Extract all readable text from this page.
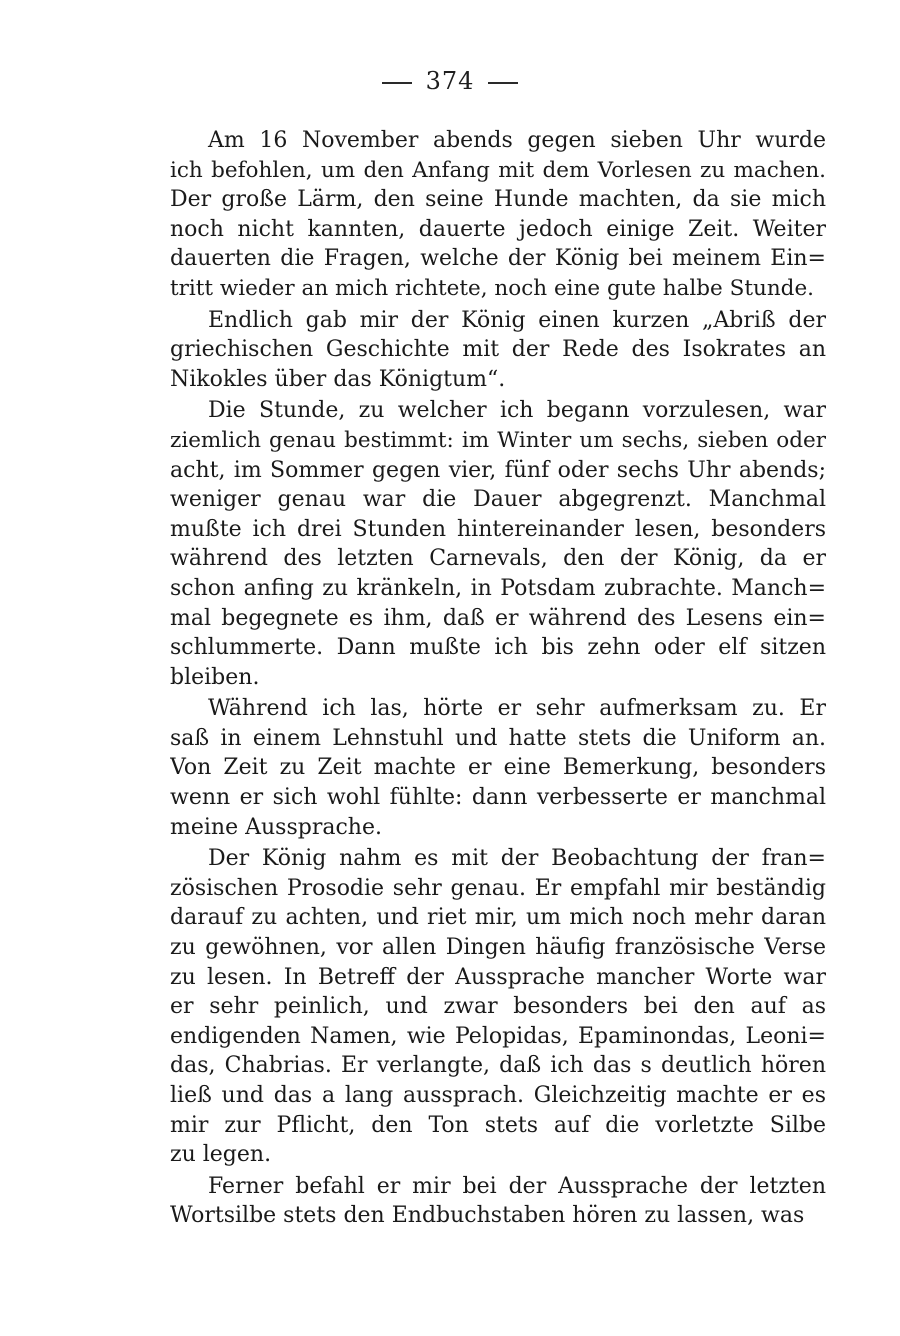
374
Am 16 November abends gegen sieben Uhr wurde
ich befohlen, um den Anfang mit dem Vorlesen zu machen.
Der große Lärm, den seine Hunde machten, da sie mich
noch nicht kannten, dauerte jedoch einige Zeit. Weiter
dauerten die Fragen, welche der König bei meinem Ein=
tritt wieder an mich richtete, noch eine gute halbe Stunde.
Endlich gab mir der König einen kurzen „Abriß der
griechischen Geschichte mit der Rede des Isokrates an
Nikokles über das Königtum“.
Die Stunde, zu welcher ich begann vorzulesen, war
ziemlich genau bestimmt: im Winter um sechs, sieben oder
acht, im Sommer gegen vier, fünf oder sechs Uhr abends;
weniger genau war die Dauer abgegrenzt. Manchmal
mußte ich drei Stunden hintereinander lesen, besonders
während des letzten Carnevals, den der König, da er
schon anfing zu kränkeln, in Potsdam zubrachte. Manch=
mal begegnete es ihm, daß er während des Lesens ein=
schlummerte. Dann mußte ich bis zehn oder elf sitzen
bleiben.
Während ich las, hörte er sehr aufmerksam zu. Er
saß in einem Lehnstuhl und hatte stets die Uniform an.
Von Zeit zu Zeit machte er eine Bemerkung, besonders
wenn er sich wohl fühlte: dann verbesserte er manchmal
meine Aussprache.
Der König nahm es mit der Beobachtung der fran=
zösischen Prosodie sehr genau. Er empfahl mir beständig
darauf zu achten, und riet mir, um mich noch mehr daran
zu gewöhnen, vor allen Dingen häufig französische Verse
zu lesen. In Betreff der Aussprache mancher Worte war
er sehr peinlich, und zwar besonders bei den auf as
endigenden Namen, wie Pelopidas, Epaminondas, Leoni=
das, Chabrias. Er verlangte, daß ich das s deutlich hören
ließ und das a lang aussprach. Gleichzeitig machte er es
mir zur Pflicht, den Ton stets auf die vorletzte Silbe
zu legen.
Ferner befahl er mir bei der Aussprache der letzten
Wortsilbe stets den Endbuchstaben hören zu lassen, was
